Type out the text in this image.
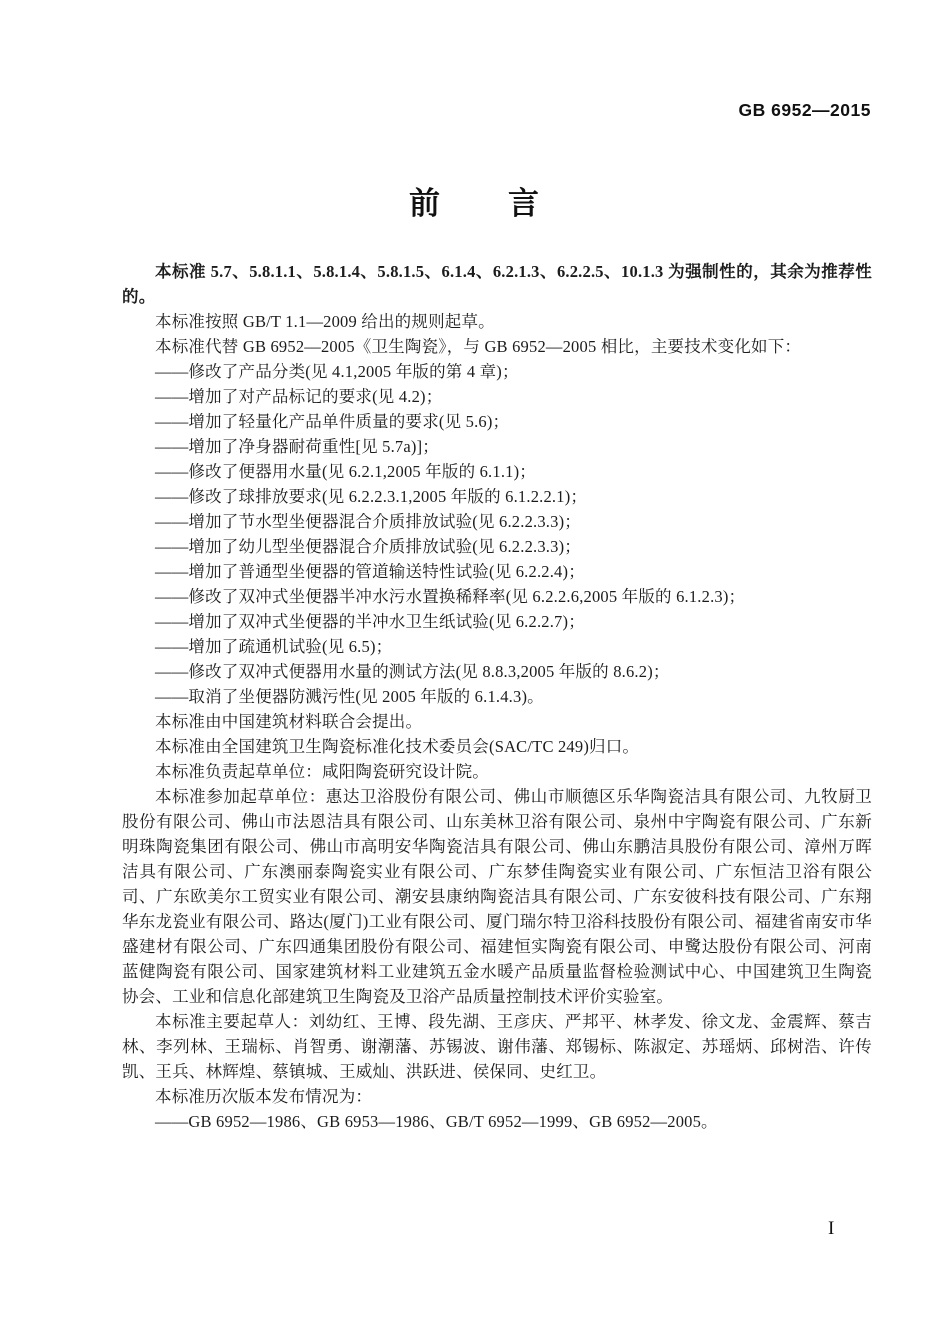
GB 6952—2015
前　　言

本标准 5.7、5.8.1.1、5.8.1.4、5.8.1.5、6.1.4、6.2.1.3、6.2.2.5、10.1.3 为强制性的，其余为推荐性的。

本标准按照 GB/T 1.1—2009 给出的规则起草。

本标准代替 GB 6952—2005《卫生陶瓷》，与 GB 6952—2005 相比，主要技术变化如下：

——修改了产品分类(见 4.1,2005 年版的第 4 章)；

——增加了对产品标记的要求(见 4.2)；

——增加了轻量化产品单件质量的要求(见 5.6)；

——增加了净身器耐荷重性[见 5.7a)]；

——修改了便器用水量(见 6.2.1,2005 年版的 6.1.1)；

——修改了球排放要求(见 6.2.2.3.1,2005 年版的 6.1.2.2.1)；

——增加了节水型坐便器混合介质排放试验(见 6.2.2.3.3)；

——增加了幼儿型坐便器混合介质排放试验(见 6.2.2.3.3)；

——增加了普通型坐便器的管道输送特性试验(见 6.2.2.4)；

——修改了双冲式坐便器半冲水污水置换稀释率(见 6.2.2.6,2005 年版的 6.1.2.3)；

——增加了双冲式坐便器的半冲水卫生纸试验(见 6.2.2.7)；

——增加了疏通机试验(见 6.5)；

——修改了双冲式便器用水量的测试方法(见 8.8.3,2005 年版的 8.6.2)；

——取消了坐便器防溅污性(见 2005 年版的 6.1.4.3)。

本标准由中国建筑材料联合会提出。

本标准由全国建筑卫生陶瓷标准化技术委员会(SAC/TC 249)归口。

本标准负责起草单位：咸阳陶瓷研究设计院。

本标准参加起草单位：惠达卫浴股份有限公司、佛山市顺德区乐华陶瓷洁具有限公司、九牧厨卫股份有限公司、佛山市法恩洁具有限公司、山东美林卫浴有限公司、泉州中宇陶瓷有限公司、广东新明珠陶瓷集团有限公司、佛山市高明安华陶瓷洁具有限公司、佛山东鹏洁具股份有限公司、漳州万晖洁具有限公司、广东澳丽泰陶瓷实业有限公司、广东梦佳陶瓷实业有限公司、广东恒洁卫浴有限公司、广东欧美尔工贸实业有限公司、潮安县康纳陶瓷洁具有限公司、广东安彼科技有限公司、广东翔华东龙瓷业有限公司、路达(厦门)工业有限公司、厦门瑞尔特卫浴科技股份有限公司、福建省南安市华盛建材有限公司、广东四通集团股份有限公司、福建恒实陶瓷有限公司、申鹭达股份有限公司、河南蓝健陶瓷有限公司、国家建筑材料工业建筑五金水暖产品质量监督检验测试中心、中国建筑卫生陶瓷协会、工业和信息化部建筑卫生陶瓷及卫浴产品质量控制技术评价实验室。

本标准主要起草人：刘幼红、王博、段先湖、王彦庆、严邦平、林孝发、徐文龙、金震辉、蔡吉林、李列林、王瑞标、肖智勇、谢潮藩、苏锡波、谢伟藩、郑锡标、陈淑定、苏瑶炳、邱树浩、许传凯、王兵、林辉煌、蔡镇城、王威灿、洪跃进、侯保同、史红卫。

本标准历次版本发布情况为：

——GB 6952—1986、GB 6953—1986、GB/T 6952—1999、GB 6952—2005。

I
